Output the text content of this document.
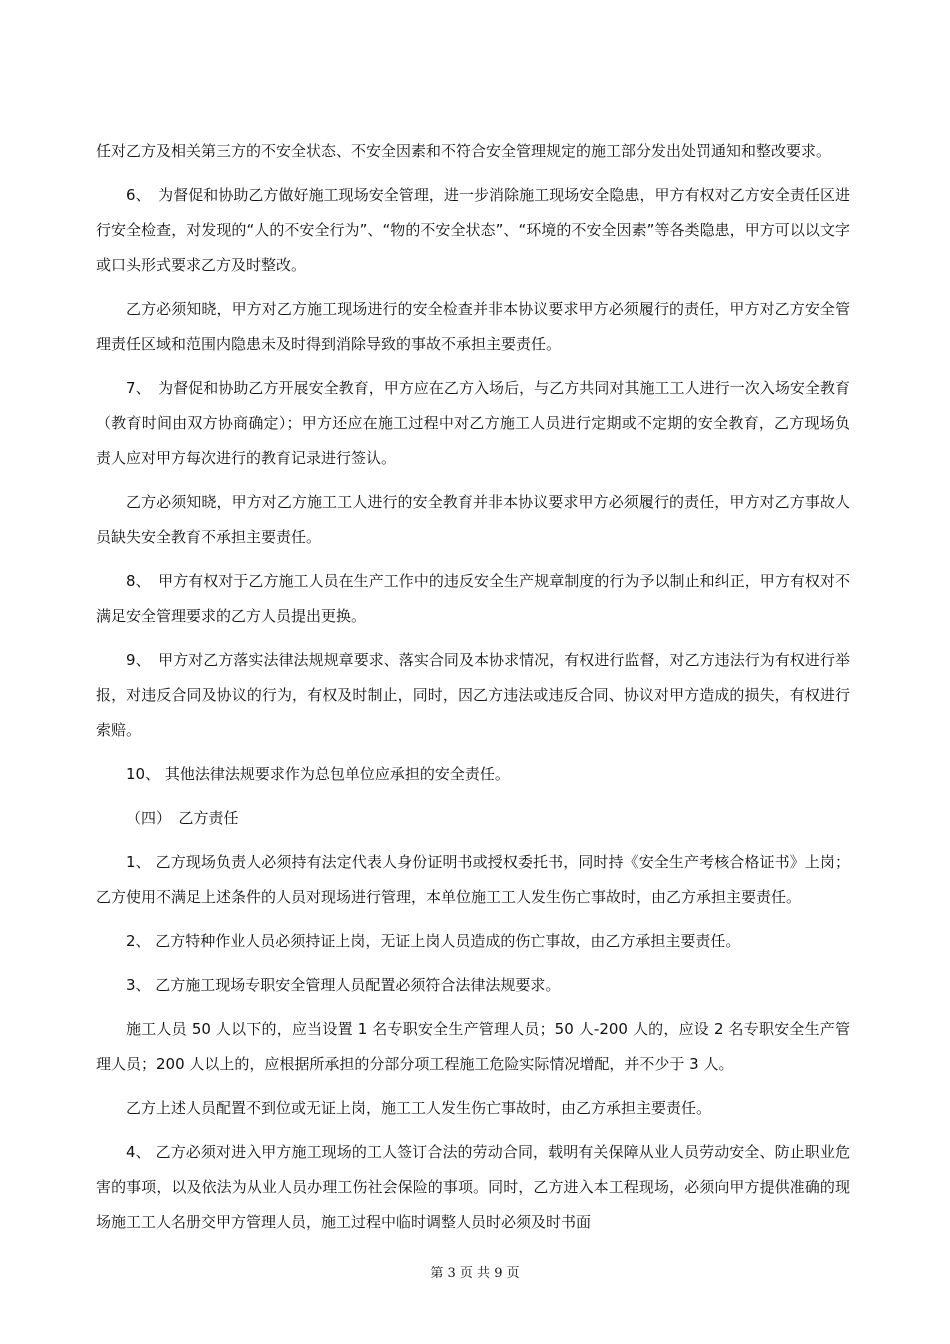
任对乙方及相关第三方的不安全状态、不安全因素和不符合安全管理规定的施工部分发出处罚通知和整改要求。

6、　为督促和协助乙方做好施工现场安全管理，进一步消除施工现场安全隐患，甲方有权对乙方安全责任区进行安全检查，对发现的“人的不安全行为”、“物的不安全状态”、“环境的不安全因素”等各类隐患，甲方可以以文字或口头形式要求乙方及时整改。

乙方必须知晓，甲方对乙方施工现场进行的安全检查并非本协议要求甲方必须履行的责任，甲方对乙方安全管理责任区域和范围内隐患未及时得到消除导致的事故不承担主要责任。

7、　为督促和协助乙方开展安全教育，甲方应在乙方入场后，与乙方共同对其施工工人进行一次入场安全教育（教育时间由双方协商确定）；甲方还应在施工过程中对乙方施工人员进行定期或不定期的安全教育，乙方现场负责人应对甲方每次进行的教育记录进行签认。

乙方必须知晓，甲方对乙方施工工人进行的安全教育并非本协议要求甲方必须履行的责任，甲方对乙方事故人员缺失安全教育不承担主要责任。

8、　甲方有权对于乙方施工人员在生产工作中的违反安全生产规章制度的行为予以制止和纠正，甲方有权对不满足安全管理要求的乙方人员提出更换。

9、　甲方对乙方落实法律法规规章要求、落实合同及本协求情况，有权进行监督，对乙方违法行为有权进行举报，对违反合同及协议的行为，有权及时制止，同时，因乙方违法或违反合同、协议对甲方造成的损失，有权进行索赔。

10、 其他法律法规要求作为总包单位应承担的安全责任。

（四）　乙方责任

1、 乙方现场负责人必须持有法定代表人身份证明书或授权委托书，同时持《安全生产考核合格证书》上岗；乙方使用不满足上述条件的人员对现场进行管理，本单位施工工人发生伤亡事故时，由乙方承担主要责任。

2、 乙方特种作业人员必须持证上岗，无证上岗人员造成的伤亡事故，由乙方承担主要责任。

3、 乙方施工现场专职安全管理人员配置必须符合法律法规要求。

施工人员 50 人以下的，应当设置 1 名专职安全生产管理人员；50 人-200 人的，应设 2 名专职安全生产管理人员；200 人以上的，应根据所承担的分部分项工程施工危险实际情况增配，并不少于 3 人。

乙方上述人员配置不到位或无证上岗，施工工人发生伤亡事故时，由乙方承担主要责任。

4、 乙方必须对进入甲方施工现场的工人签订合法的劳动合同，载明有关保障从业人员劳动安全、防止职业危害的事项，以及依法为从业人员办理工伤社会保险的事项。同时，乙方进入本工程现场，必须向甲方提供准确的现场施工工人名册交甲方管理人员，施工过程中临时调整人员时必须及时书面

第 3 页 共 9 页
